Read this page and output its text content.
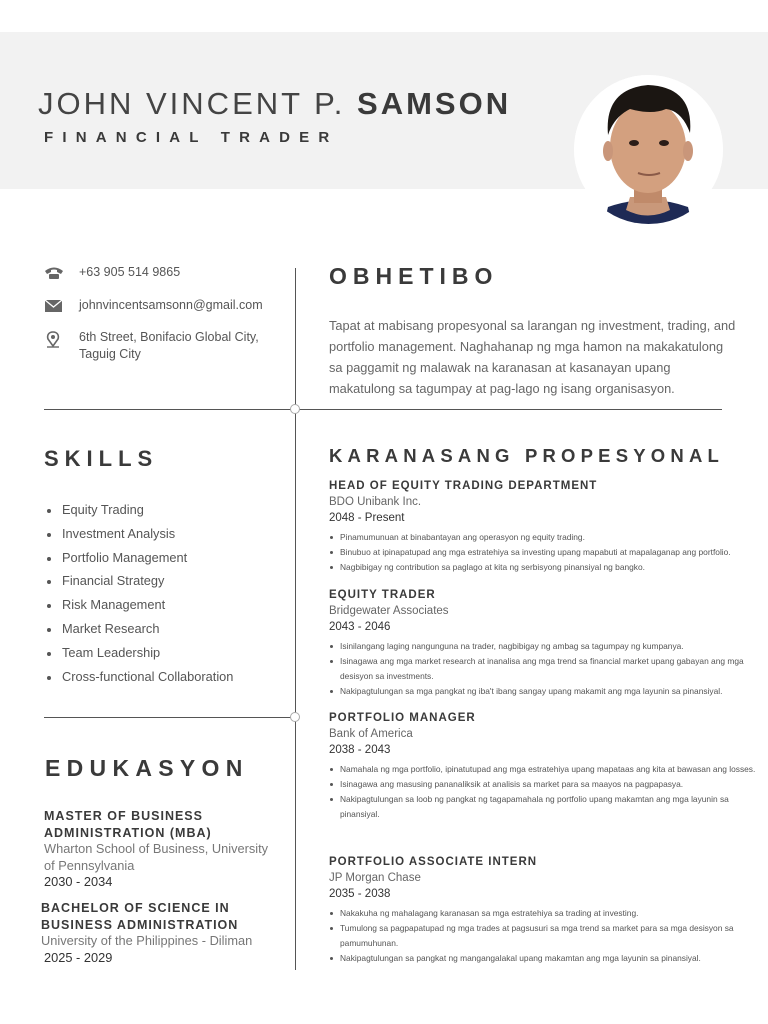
JOHN VINCENT P. SAMSON
FINANCIAL TRADER
+63 905 514 9865
johnvincentsamsonn@gmail.com
6th Street, Bonifacio Global City, Taguig City
OBHETIBO
Tapat at mabisang propesyonal sa larangan ng investment, trading, and portfolio management. Naghahanap ng mga hamon na makakatulong sa paggamit ng malawak na karanasan at kasanayan upang makatulong sa tagumpay at pag-lago ng isang organisasyon.
SKILLS
Equity Trading
Investment Analysis
Portfolio Management
Financial Strategy
Risk Management
Market Research
Team Leadership
Cross-functional Collaboration
EDUKASYON
MASTER OF BUSINESS ADMINISTRATION (MBA)
Wharton School of Business, University of Pennsylvania
2030 - 2034
BACHELOR OF SCIENCE IN BUSINESS ADMINISTRATION
University of the Philippines - Diliman
2025 - 2029
KARANASANG PROPESYONAL
HEAD OF EQUITY TRADING DEPARTMENT
BDO Unibank Inc.
2048 - Present
Pinamumunuan at binabantayan ang operasyon ng equity trading.
Binubuo at ipinapatupad ang mga estratehiya sa investing upang mapabuti at mapalaganap ang portfolio.
Nagbibigay ng contribution sa paglago at kita ng serbisyong pinansiyal ng bangko.
EQUITY TRADER
Bridgewater Associates
2043 - 2046
Isinilangang laging nangunguna na trader, nagbibigay ng ambag sa tagumpay ng kumpanya.
Isinagawa ang mga market research at inanalisa ang mga trend sa financial market upang gabayan ang mga desisyon sa investments.
Nakipagtulungan sa mga pangkat ng iba't ibang sangay upang makamit ang mga layunin sa pinansiyal.
PORTFOLIO MANAGER
Bank of America
2038 - 2043
Namahala ng mga portfolio, ipinatutupad ang mga estratehiya upang mapataas ang kita at bawasan ang losses.
Isinagawa ang masusing pananaliksik at analisis sa market para sa maayos na pagpapasya.
Nakipagtulungan sa loob ng pangkat ng tagapamahala ng portfolio upang makamtan ang mga layunin sa pinansiyal.
PORTFOLIO ASSOCIATE INTERN
JP Morgan Chase
2035 - 2038
Nakakuha ng mahalagang karanasan sa mga estratehiya sa trading at investing.
Tumulong sa pagpapatupad ng mga trades at pagsusuri sa mga trend sa market para sa mga desisyon sa pamumuhunan.
Nakipagtulungan sa pangkat ng mangangalakal upang makamtan ang mga layunin sa pinansiyal.
